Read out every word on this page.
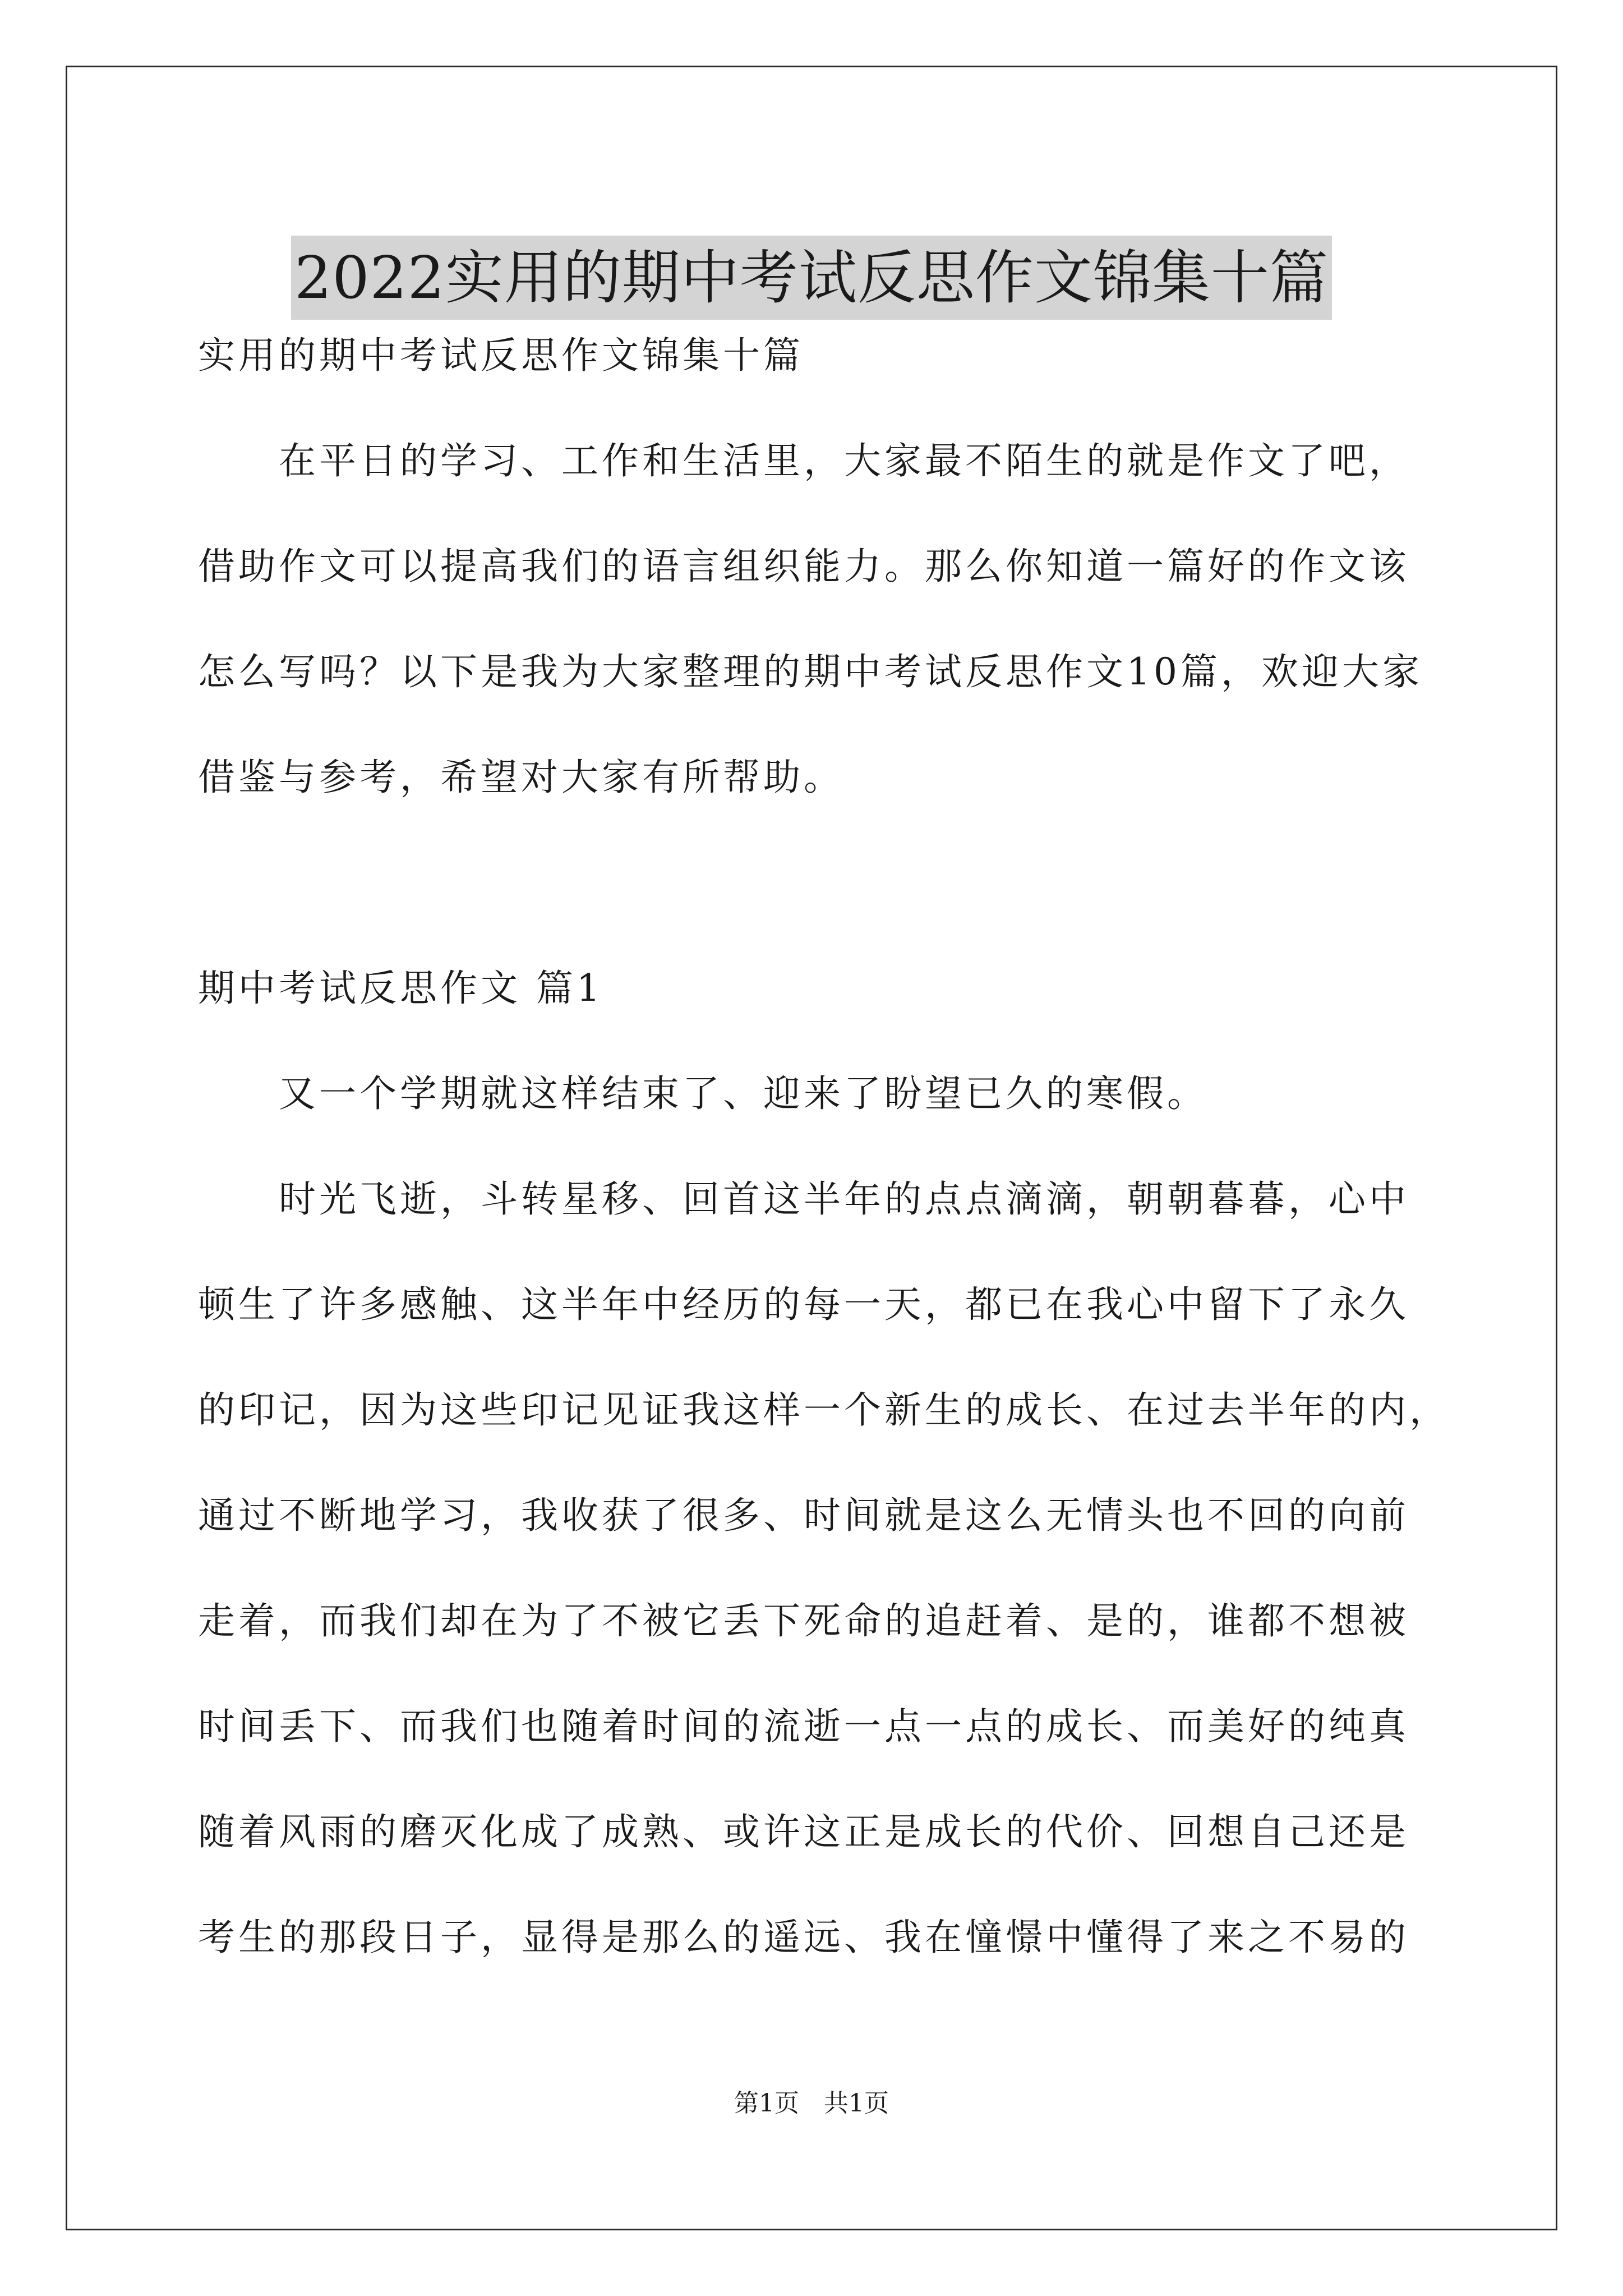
2022实用的期中考试反思作文锦集十篇
实用的期中考试反思作文锦集十篇
在平日的学习、工作和生活里，大家最不陌生的就是作文了吧，
借助作文可以提高我们的语言组织能力。那么你知道一篇好的作文该
怎么写吗？以下是我为大家整理的期中考试反思作文10篇，欢迎大家
借鉴与参考，希望对大家有所帮助。
期中考试反思作文 篇1
又一个学期就这样结束了、迎来了盼望已久的寒假。
时光飞逝，斗转星移、回首这半年的点点滴滴，朝朝暮暮，心中
顿生了许多感触、这半年中经历的每一天，都已在我心中留下了永久
的印记，因为这些印记见证我这样一个新生的成长、在过去半年的内，
通过不断地学习，我收获了很多、时间就是这么无情头也不回的向前
走着，而我们却在为了不被它丢下死命的追赶着、是的，谁都不想被
时间丢下、而我们也随着时间的流逝一点一点的成长、而美好的纯真
随着风雨的磨灭化成了成熟、或许这正是成长的代价、回想自己还是
考生的那段日子，显得是那么的遥远、我在憧憬中懂得了来之不易的
第1页　共1页
